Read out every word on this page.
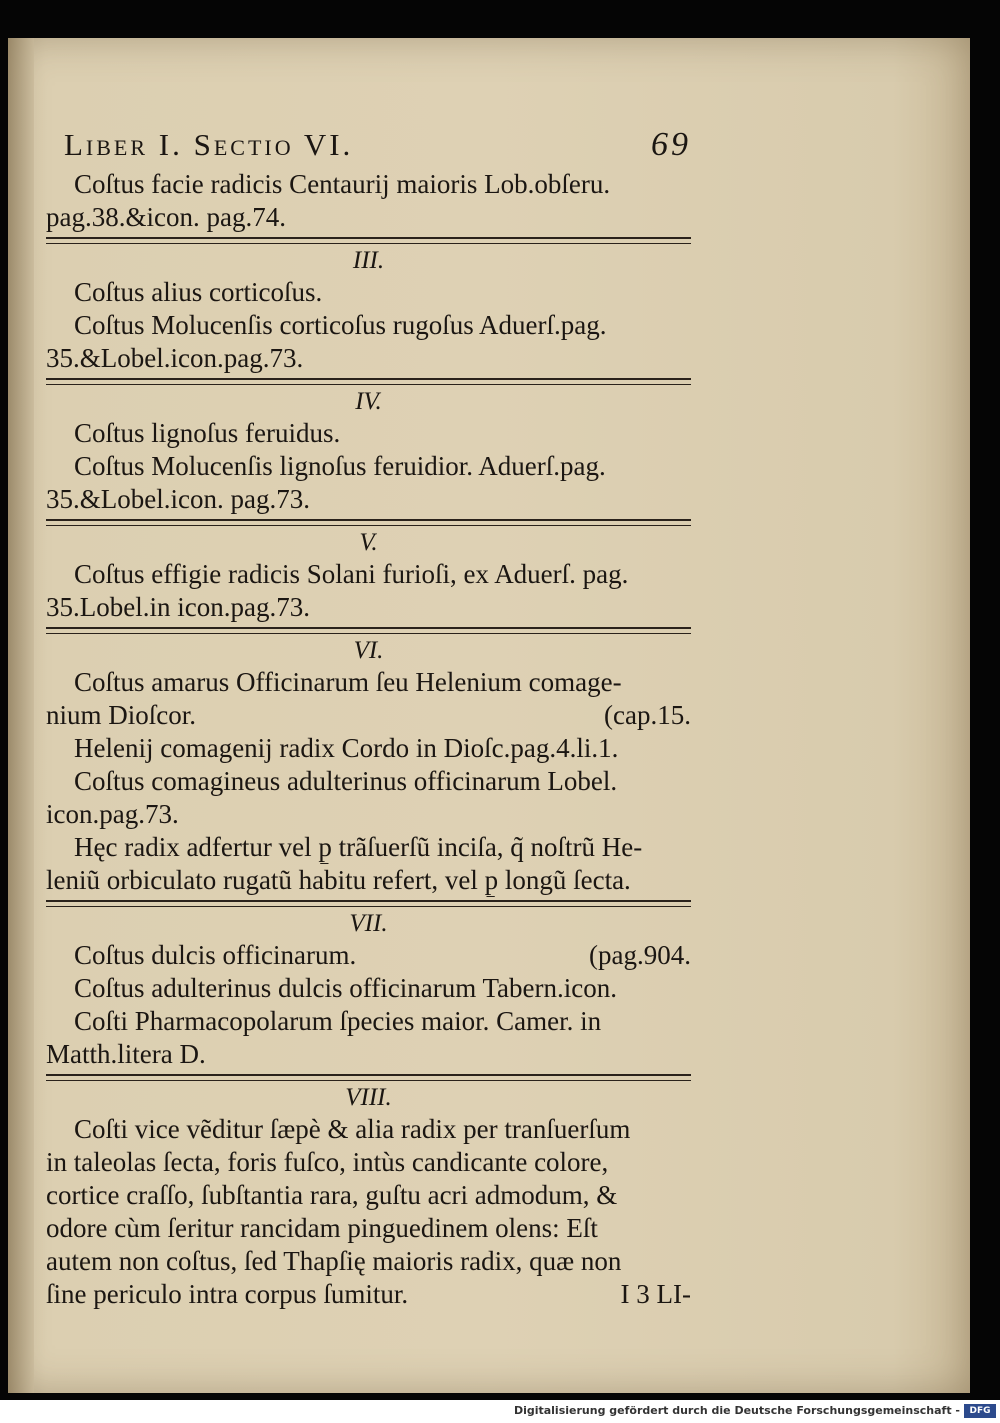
Liber I. Sectio VI.	69
Coſtus facie radicis Centaurij maioris Lob.obſeru.
pag.38.&icon. pag.74.
III.
Coſtus alius corticoſus.
Coſtus Molucenſis corticoſus rugoſus Aduerſ.pag.
35.&Lobel.icon.pag.73.
IV.
Coſtus lignoſus feruidus.
Coſtus Molucenſis lignoſus feruidior. Aduerſ.pag.
35.&Lobel.icon. pag.73.
V.
Coſtus effigie radicis Solani furioſi, ex Aduerſ. pag.
35.Lobel.in icon.pag.73.
VI.
Coſtus amarus Officinarum ſeu Helenium comage-
nium Dioſcor.	(cap.15.
Helenij comagenij radix Cordo in Dioſc.pag.4.li.1.
Coſtus comagineus adulterinus officinarum Lobel.
icon.pag.73.
Hęc radix adfertur vel p̱ trãſuerſũ inciſa, q̃ noſtrũ He-
leniũ orbiculato rugatũ habitu refert, vel p̱ longũ ſecta.
VII.
Coſtus dulcis officinarum.	(pag.904.
Coſtus adulterinus dulcis officinarum Tabern.icon.
Coſti Pharmacopolarum ſpecies maior. Camer. in
Matth.litera D.
VIII.
Coſti vice vẽditur ſæpè & alia radix per tranſuerſum
in taleolas ſecta, foris fuſco, intùs candicante colore,
cortice craſſo, ſubſtantia rara, guſtu acri admodum, &
odore cùm ſeritur rancidam pinguedinem olens: Eſt
autem non coſtus, ſed Thapſię maioris radix, quæ non
ſine periculo intra corpus ſumitur.	I 3 LI-
Digitalisierung gefördert durch die Deutsche Forschungsgemeinschaft -	DFG
